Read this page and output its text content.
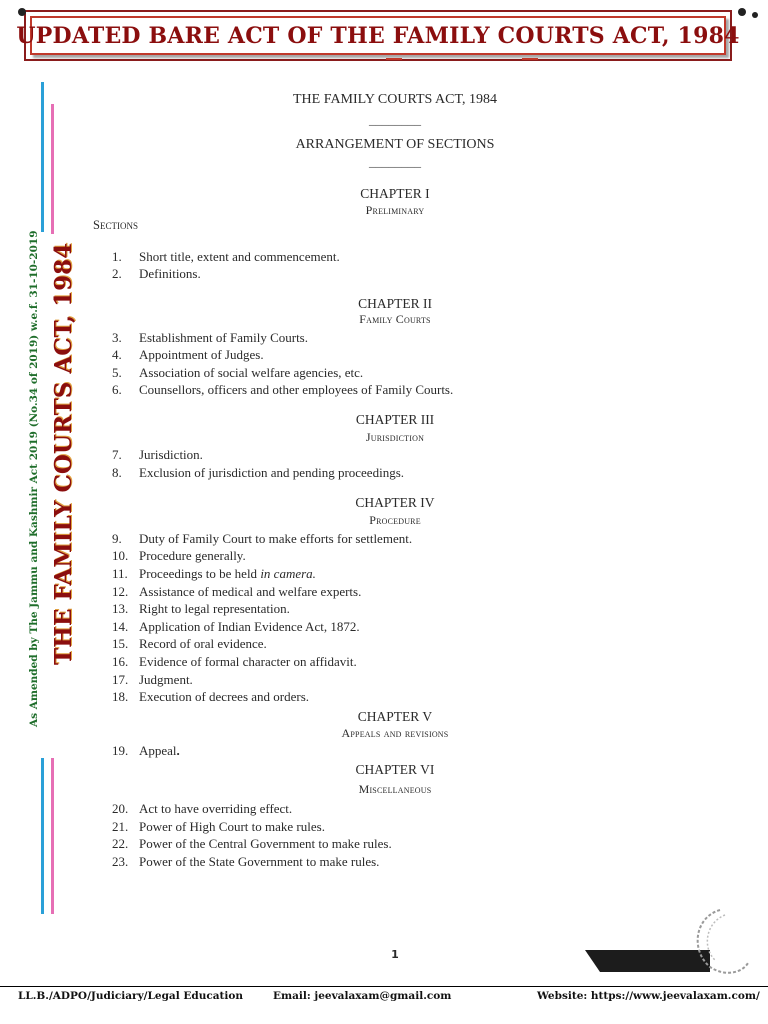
UPDATED BARE ACT OF THE FAMILY COURTS ACT, 1984
THE FAMILY COURTS ACT, 1984
As Amended by The Jammu and Kashmir Act 2019 (No.34 of 2019) w.e.f. 31-10-2019
THE FAMILY COURTS ACT, 1984
________
ARRANGEMENT OF SECTIONS
________
Sections
CHAPTER I
Preliminary
CHAPTER II
Family Courts
CHAPTER III
Jurisdiction
CHAPTER IV
Procedure
CHAPTER V
Appeals and revisions
CHAPTER VI
Miscellaneous
1. Short title, extent and commencement.
2. Definitions.
3. Establishment of Family Courts.
4. Appointment of Judges.
5. Association of social welfare agencies, etc.
6. Counsellors, officers and other employees of Family Courts.
7. Jurisdiction.
8. Exclusion of jurisdiction and pending proceedings.
9. Duty of Family Court to make efforts for settlement.
10. Procedure generally.
11. Proceedings to be held in camera.
12. Assistance of medical and welfare experts.
13. Right to legal representation.
14. Application of Indian Evidence Act, 1872.
15. Record of oral evidence.
16. Evidence of formal character on affidavit.
17. Judgment.
18. Execution of decrees and orders.
19. Appeal.
20. Act to have overriding effect.
21. Power of High Court to make rules.
22. Power of the Central Government to make rules.
23. Power of the State Government to make rules.
1
LL.B./ADPO/Judiciary/Legal Education	Email: jeevalaxam@gmail.com	Website: https://www.jeevalaxam.com/
